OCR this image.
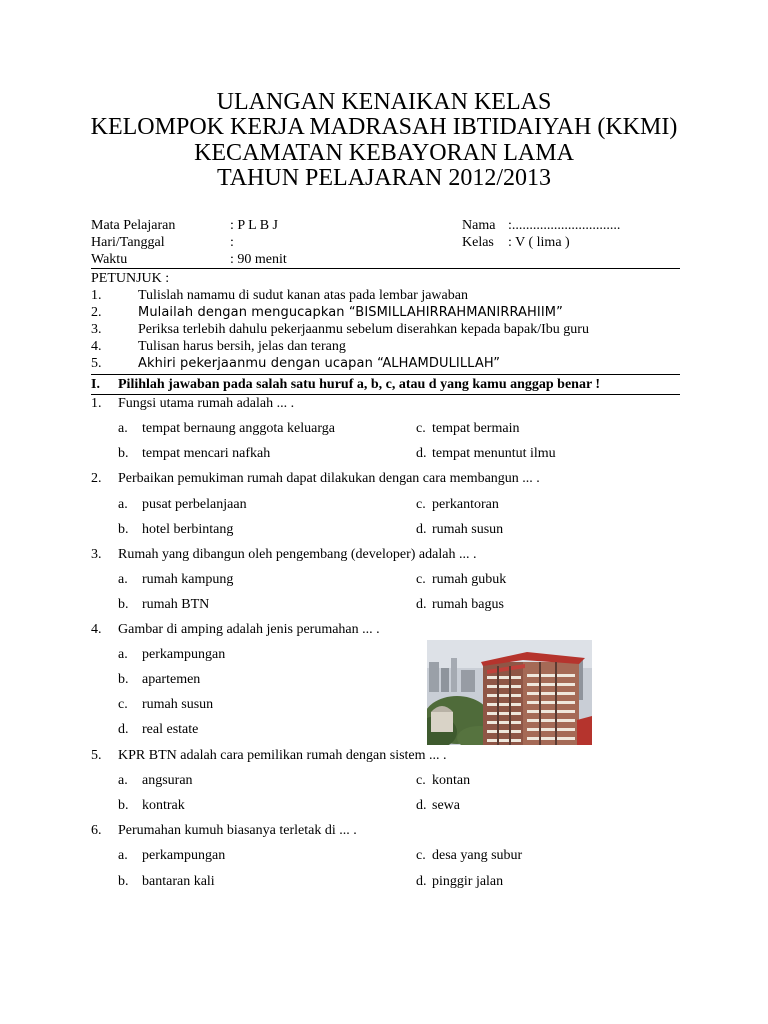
ULANGAN KENAIKAN KELAS
KELOMPOK KERJA MADRASAH IBTIDAIYAH (KKMI)
KECAMATAN KEBAYORAN LAMA
TAHUN PELAJARAN 2012/2013
Mata Pelajaran	: P L B J
Hari/Tanggal	:
Waktu	: 90 menit
Nama :...............................
Kelas : V ( lima )
PETUNJUK :
1.	Tulislah namamu di sudut kanan atas pada lembar jawaban
2.	Mulailah dengan mengucapkan “BISMILLAHIRRAHMANIRRAHIIM”
3.	Periksa terlebih dahulu pekerjaanmu sebelum diserahkan kepada bapak/Ibu guru
4.	Tulisan harus bersih, jelas dan terang
5.	Akhiri pekerjaanmu dengan ucapan “ALHAMDULILLAH”
I. Pilihlah jawaban pada salah satu huruf a, b, c, atau d yang kamu anggap benar !
1. Fungsi utama rumah adalah ... .
a. tempat bernaung anggota keluarga	c. tempat bermain
b. tempat mencari nafkah	d. tempat menuntut ilmu
2. Perbaikan pemukiman rumah dapat dilakukan dengan cara membangun ... .
a. pusat perbelanjaan	c. perkantoran
b. hotel berbintang	d. rumah susun
3. Rumah yang dibangun oleh pengembang (developer) adalah ... .
a. rumah kampung	c. rumah gubuk
b. rumah BTN	d. rumah bagus
4. Gambar di amping adalah jenis perumahan ... .
a. perkampungan
b. apartemen
c. rumah susun
d. real estate
5. KPR BTN adalah cara pemilikan rumah dengan sistem ... .
a. angsuran	c. kontan
b. kontrak	d. sewa
6. Perumahan kumuh biasanya terletak di ... .
a. perkampungan	c. desa yang subur
b. bantaran kali	d. pinggir jalan
